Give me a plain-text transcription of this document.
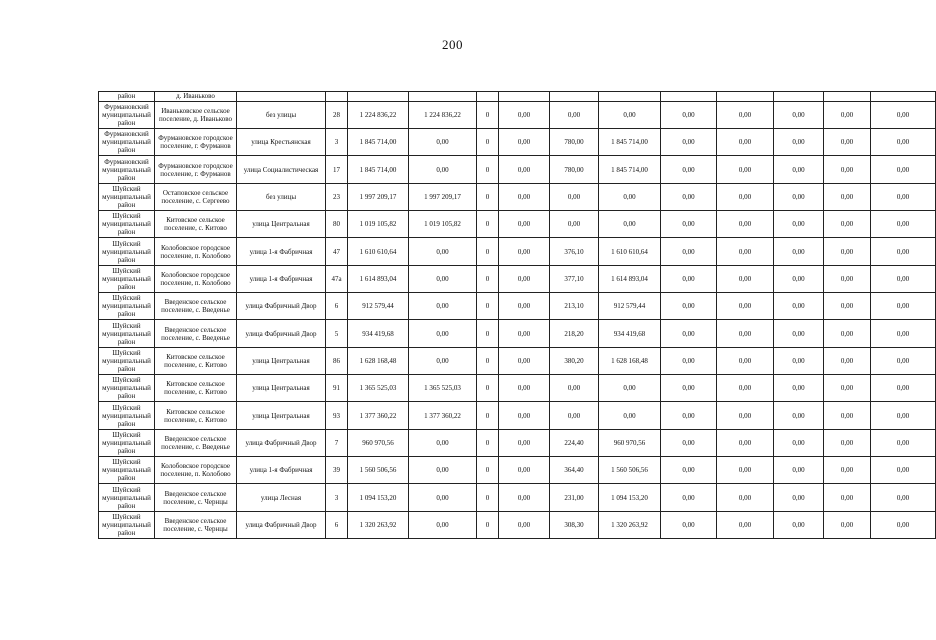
200
район	д. Иваньково													
Фурмановский муниципальный район	Иваньковское сельское поселение, д. Иваньково	без улицы	28	1 224 836,22	1 224 836,22	0	0,00	0,00	0,00	0,00	0,00	0,00	0,00	0,00
Фурмановский муниципальный район	Фурмановское городское поселение, г. Фурманов	улица Крестьянская	3	1 845 714,00	0,00	0	0,00	780,00	1 845 714,00	0,00	0,00	0,00	0,00	0,00
Фурмановский муниципальный район	Фурмановское городское поселение, г. Фурманов	улица Социалистическая	17	1 845 714,00	0,00	0	0,00	780,00	1 845 714,00	0,00	0,00	0,00	0,00	0,00
Шуйский муниципальный район	Остаповское сельское поселение, с. Сергеево	без улицы	23	1 997 209,17	1 997 209,17	0	0,00	0,00	0,00	0,00	0,00	0,00	0,00	0,00
Шуйский муниципальный район	Китовское сельское поселение, с. Китово	улица Центральная	80	1 019 105,82	1 019 105,82	0	0,00	0,00	0,00	0,00	0,00	0,00	0,00	0,00
Шуйский муниципальный район	Колобовское городское поселение, п. Колобово	улица 1-я Фабричная	47	1 610 610,64	0,00	0	0,00	376,10	1 610 610,64	0,00	0,00	0,00	0,00	0,00
Шуйский муниципальный район	Колобовское городское поселение, п. Колобово	улица 1-я Фабричная	47а	1 614 893,04	0,00	0	0,00	377,10	1 614 893,04	0,00	0,00	0,00	0,00	0,00
Шуйский муниципальный район	Введенское сельское поселение, с. Введенье	улица Фабричный Двор	6	912 579,44	0,00	0	0,00	213,10	912 579,44	0,00	0,00	0,00	0,00	0,00
Шуйский муниципальный район	Введенское сельское поселение, с. Введенье	улица Фабричный Двор	5	934 419,68	0,00	0	0,00	218,20	934 419,68	0,00	0,00	0,00	0,00	0,00
Шуйский муниципальный район	Китовское сельское поселение, с. Китово	улица Центральная	86	1 628 168,48	0,00	0	0,00	380,20	1 628 168,48	0,00	0,00	0,00	0,00	0,00
Шуйский муниципальный район	Китовское сельское поселение, с. Китово	улица Центральная	91	1 365 525,03	1 365 525,03	0	0,00	0,00	0,00	0,00	0,00	0,00	0,00	0,00
Шуйский муниципальный район	Китовское сельское поселение, с. Китово	улица Центральная	93	1 377 360,22	1 377 360,22	0	0,00	0,00	0,00	0,00	0,00	0,00	0,00	0,00
Шуйский муниципальный район	Введенское сельское поселение, с. Введенье	улица Фабричный Двор	7	960 970,56	0,00	0	0,00	224,40	960 970,56	0,00	0,00	0,00	0,00	0,00
Шуйский муниципальный район	Колобовское городское поселение, п. Колобово	улица 1-я Фабричная	39	1 560 506,56	0,00	0	0,00	364,40	1 560 506,56	0,00	0,00	0,00	0,00	0,00
Шуйский муниципальный район	Введенское сельское поселение, с. Чернцы	улица Лесная	3	1 094 153,20	0,00	0	0,00	231,00	1 094 153,20	0,00	0,00	0,00	0,00	0,00
Шуйский муниципальный район	Введенское сельское поселение, с. Чернцы	улица Фабричный Двор	6	1 320 263,92	0,00	0	0,00	308,30	1 320 263,92	0,00	0,00	0,00	0,00	0,00
